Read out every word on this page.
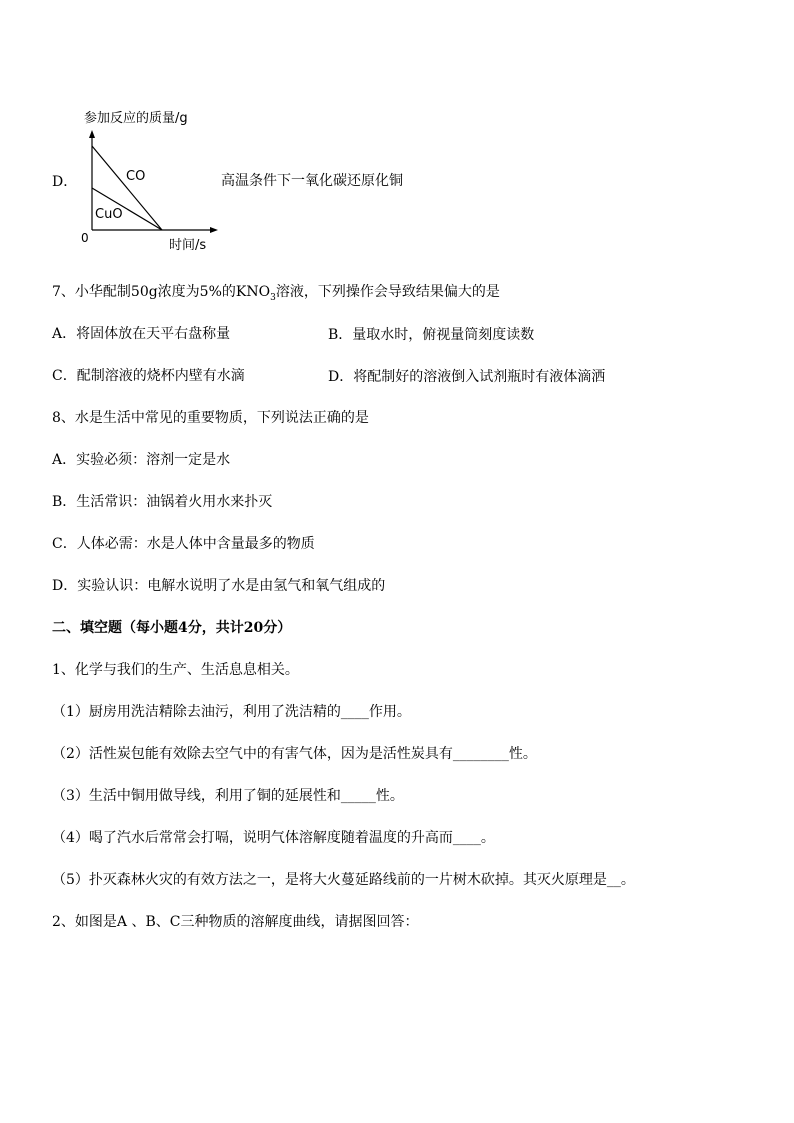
D．
参加反应的质量/g
CO
CuO
0	时间/s
高温条件下一氧化碳还原化铜
7、小华配制50g浓度为5%的$KNO_3$溶液，下列操作会导致结果偏大的是
A．将固体放在天平右盘称量	B．量取水时，俯视量筒刻度读数
C．配制溶液的烧杯内壁有水滴	D．将配制好的溶液倒入试剂瓶时有液体滴洒
8、水是生活中常见的重要物质，下列说法正确的是
A．实验必须：溶剂一定是水
B．生活常识：油锅着火用水来扑灭
C．人体必需：水是人体中含量最多的物质
D．实验认识：电解水说明了水是由氢气和氧气组成的
二、填空题（每小题4分，共计20分）
1、化学与我们的生产、生活息息相关。
（1）厨房用洗洁精除去油污，利用了洗洁精的____作用。
（2）活性炭包能有效除去空气中的有害气体，因为是活性炭具有________性。
（3）生活中铜用做导线，利用了铜的延展性和_____性。
（4）喝了汽水后常常会打嗝，说明气体溶解度随着温度的升高而____。
（5）扑灭森林火灾的有效方法之一，是将大火蔓延路线前的一片树木砍掉。其灭火原理是__。
2、如图是A 、B、C三种物质的溶解度曲线，请据图回答：
